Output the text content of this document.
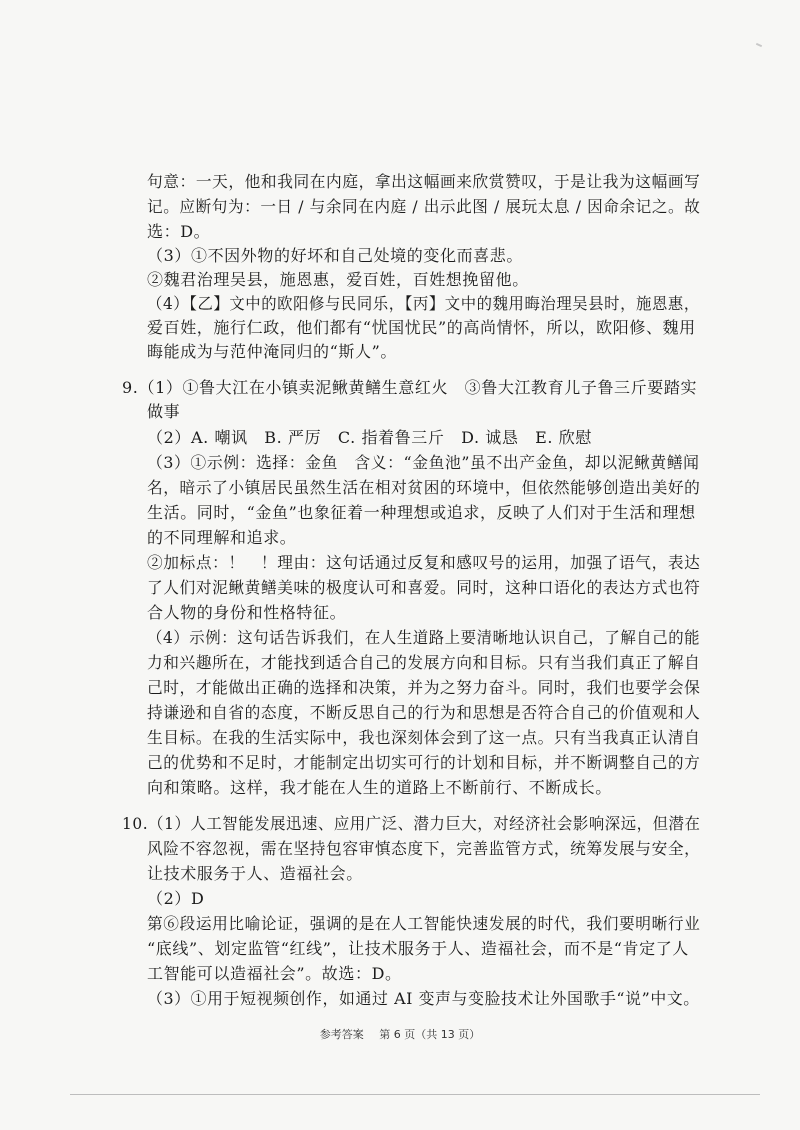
句意：一天，他和我同在内庭，拿出这幅画来欣赏赞叹，于是让我为这幅画写
记。应断句为：一日 / 与余同在内庭 / 出示此图 / 展玩太息 / 因命余记之。故
选：D。
（3）①不因外物的好坏和自己处境的变化而喜悲。
②魏君治理吴县，施恩惠，爱百姓，百姓想挽留他。
（4）【乙】文中的欧阳修与民同乐，【丙】文中的魏用晦治理吴县时，施恩惠，
爱百姓，施行仁政，他们都有“忧国忧民”的高尚情怀，所以，欧阳修、魏用
晦能成为与范仲淹同归的“斯人”。
9.（1）①鲁大江在小镇卖泥鳅黄鳝生意红火　③鲁大江教育儿子鲁三斤要踏实
做事
（2）A. 嘲讽　B. 严厉　C. 指着鲁三斤　D. 诚恳　E. 欣慰
（3）①示例：选择：金鱼　含义：“金鱼池”虽不出产金鱼，却以泥鳅黄鳝闻
名，暗示了小镇居民虽然生活在相对贫困的环境中，但依然能够创造出美好的
生活。同时，“金鱼”也象征着一种理想或追求，反映了人们对于生活和理想
的不同理解和追求。
②加标点：！　！理由：这句话通过反复和感叹号的运用，加强了语气，表达
了人们对泥鳅黄鳝美味的极度认可和喜爱。同时，这种口语化的表达方式也符
合人物的身份和性格特征。
（4）示例：这句话告诉我们，在人生道路上要清晰地认识自己，了解自己的能
力和兴趣所在，才能找到适合自己的发展方向和目标。只有当我们真正了解自
己时，才能做出正确的选择和决策，并为之努力奋斗。同时，我们也要学会保
持谦逊和自省的态度，不断反思自己的行为和思想是否符合自己的价值观和人
生目标。在我的生活实际中，我也深刻体会到了这一点。只有当我真正认清自
己的优势和不足时，才能制定出切实可行的计划和目标，并不断调整自己的方
向和策略。这样，我才能在人生的道路上不断前行、不断成长。
10.（1）人工智能发展迅速、应用广泛、潜力巨大，对经济社会影响深远，但潜在
风险不容忽视，需在坚持包容审慎态度下，完善监管方式，统筹发展与安全，
让技术服务于人、造福社会。
（2）D
第⑥段运用比喻论证，强调的是在人工智能快速发展的时代，我们要明晰行业
“底线”、划定监管“红线”，让技术服务于人、造福社会，而不是“肯定了人
工智能可以造福社会”。故选：D。
（3）①用于短视频创作，如通过 AI 变声与变脸技术让外国歌手“说”中文。
参考答案 第 6 页（共 13 页）
